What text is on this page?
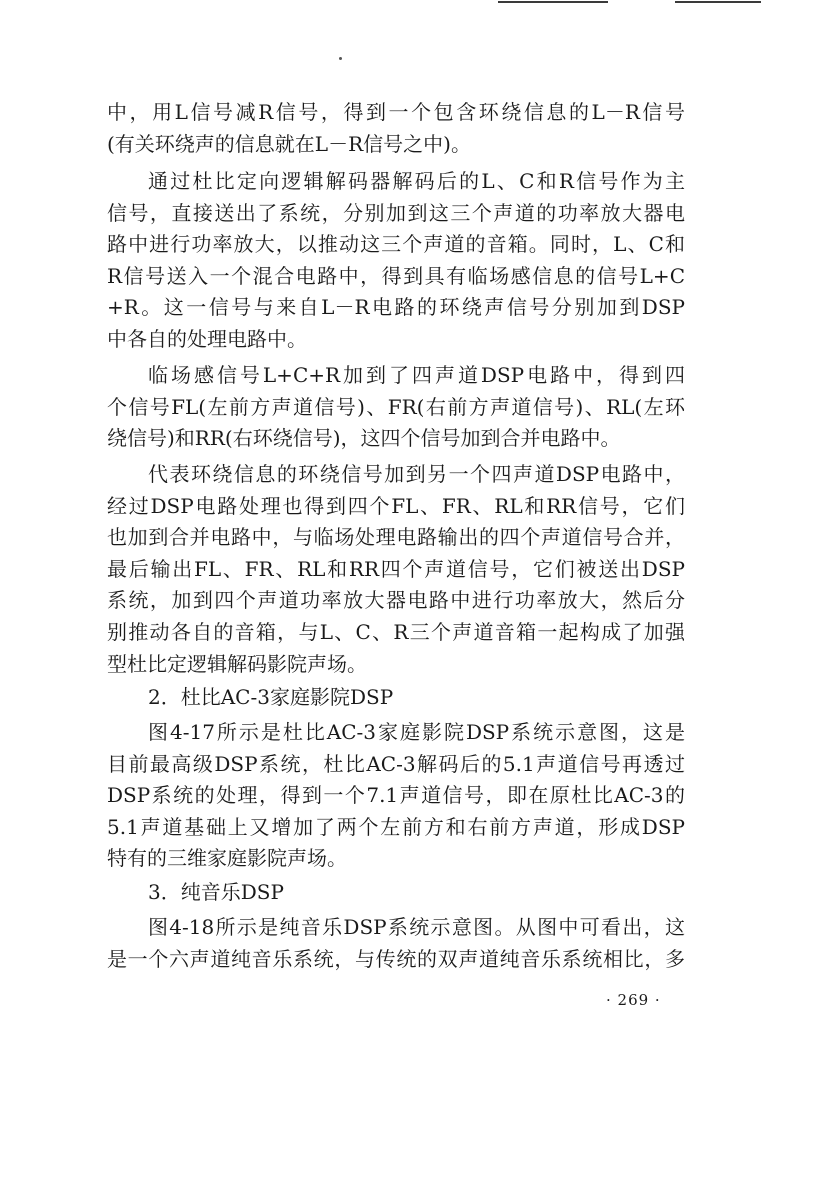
中，用L信号减R信号，得到一个包含环绕信息的L－R信号
(有关环绕声的信息就在L－R信号之中)。
通过杜比定向逻辑解码器解码后的L、C和R信号作为主
信号，直接送出了系统，分别加到这三个声道的功率放大器电
路中进行功率放大，以推动这三个声道的音箱。同时，L、C和
R信号送入一个混合电路中，得到具有临场感信息的信号L+C
+R。这一信号与来自L－R电路的环绕声信号分别加到DSP
中各自的处理电路中。
临场感信号L+C+R加到了四声道DSP电路中，得到四
个信号FL(左前方声道信号)、FR(右前方声道信号)、RL(左环
绕信号)和RR(右环绕信号)，这四个信号加到合并电路中。
代表环绕信息的环绕信号加到另一个四声道DSP电路中，
经过DSP电路处理也得到四个FL、FR、RL和RR信号，它们
也加到合并电路中，与临场处理电路输出的四个声道信号合并，
最后输出FL、FR、RL和RR四个声道信号，它们被送出DSP
系统，加到四个声道功率放大器电路中进行功率放大，然后分
别推动各自的音箱，与L、C、R三个声道音箱一起构成了加强
型杜比定逻辑解码影院声场。
2．杜比AC-3家庭影院DSP
图4-17所示是杜比AC-3家庭影院DSP系统示意图，这是
目前最高级DSP系统，杜比AC-3解码后的5.1声道信号再透过
DSP系统的处理，得到一个7.1声道信号，即在原杜比AC-3的
5.1声道基础上又增加了两个左前方和右前方声道，形成DSP
特有的三维家庭影院声场。
3．纯音乐DSP
图4-18所示是纯音乐DSP系统示意图。从图中可看出，这
是一个六声道纯音乐系统，与传统的双声道纯音乐系统相比，多
· 269 ·
